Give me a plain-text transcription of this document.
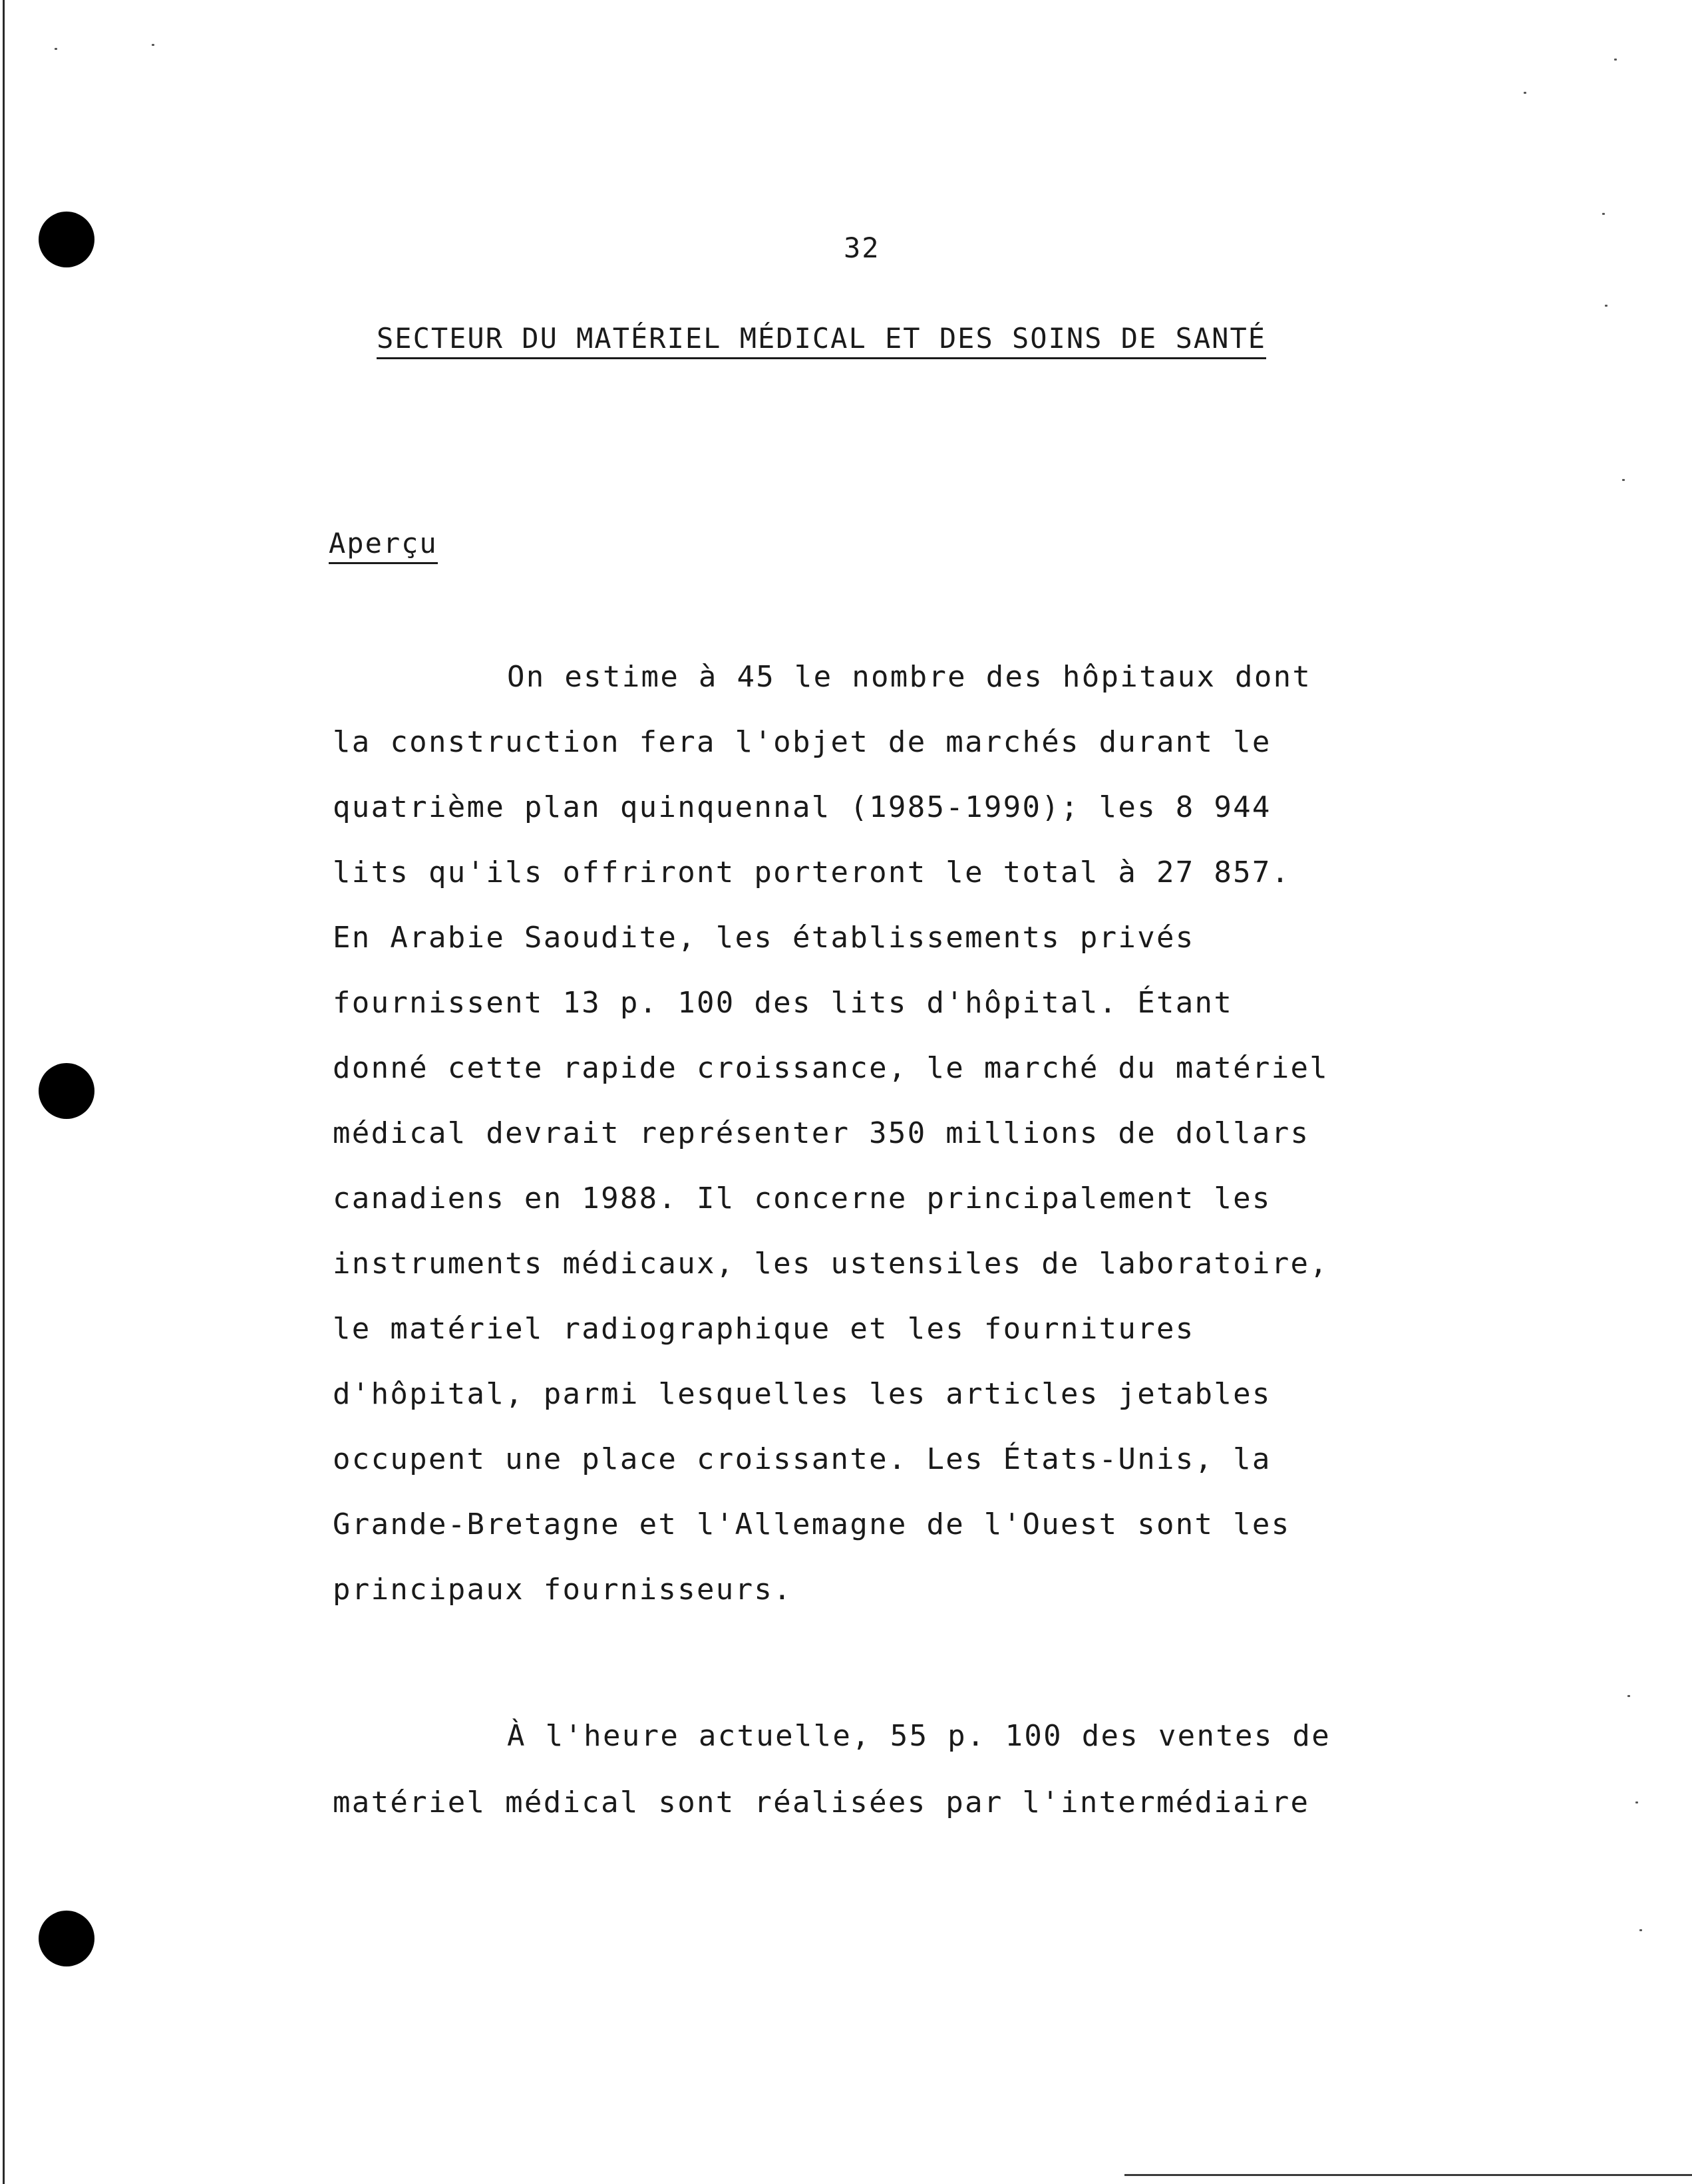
32
SECTEUR DU MATÉRIEL MÉDICAL ET DES SOINS DE SANTÉ
Aperçu
On estime à 45 le nombre des hôpitaux dont
la construction fera l'objet de marchés durant le
quatrième plan quinquennal (1985-1990); les 8 944
lits qu'ils offriront porteront le total à 27 857.
En Arabie Saoudite, les établissements privés
fournissent 13 p. 100 des lits d'hôpital. Étant
donné cette rapide croissance, le marché du matériel
médical devrait représenter 350 millions de dollars
canadiens en 1988. Il concerne principalement les
instruments médicaux, les ustensiles de laboratoire,
le matériel radiographique et les fournitures
d'hôpital, parmi lesquelles les articles jetables
occupent une place croissante. Les États-Unis, la
Grande-Bretagne et l'Allemagne de l'Ouest sont les
principaux fournisseurs.
À l'heure actuelle, 55 p. 100 des ventes de
matériel médical sont réalisées par l'intermédiaire
